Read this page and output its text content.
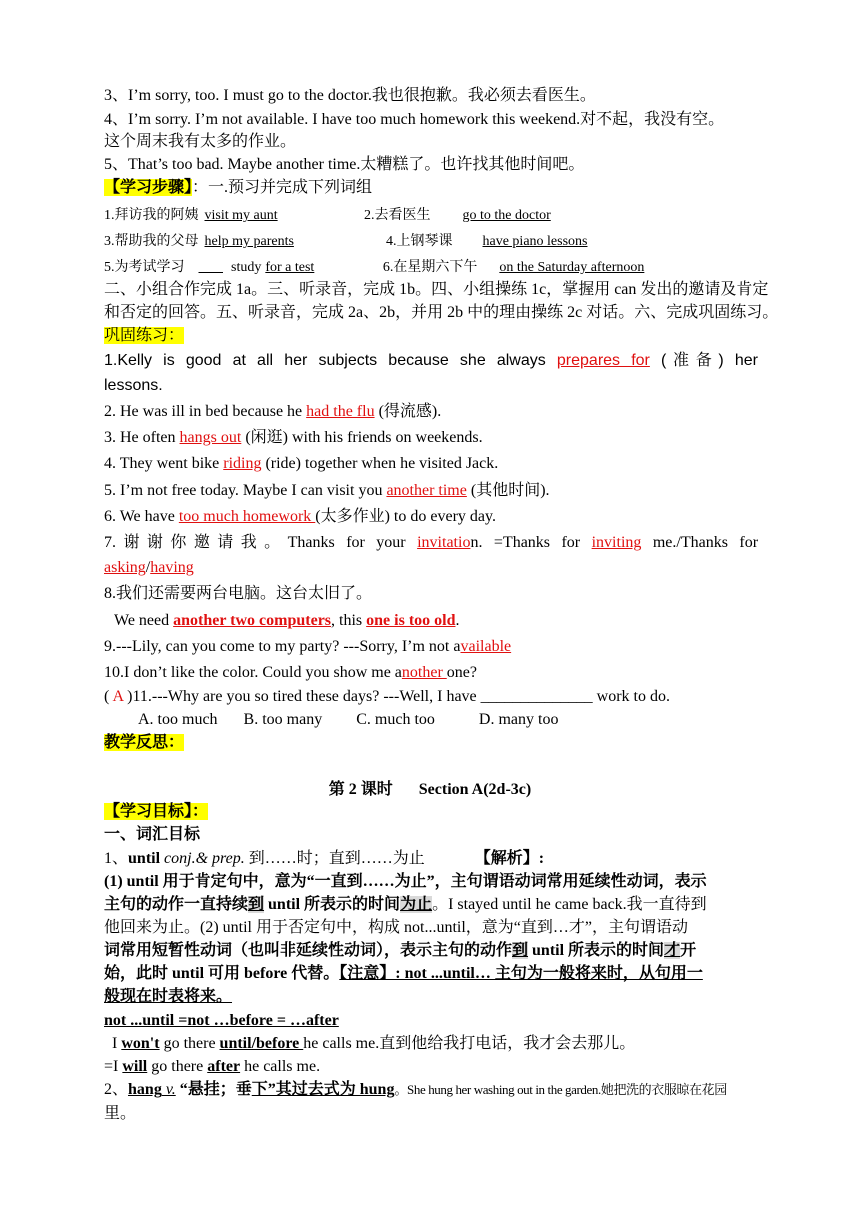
3、I’m sorry, too. I must go to the doctor.我也很抱歉。我必须去看医生。
4、I’m sorry. I’m not available. I have too much homework this weekend.对不起，我没有空。
这个周末我有太多的作业。
5、That’s too bad. Maybe another time.太糟糕了。也许找其他时间吧。
【学习步骤】：一.预习并完成下列词组
1.拜访我的阿姨 visit my aunt	2.去看医生 go to the doctor
3.帮助我的父母 help my parents	4.上钢琴课 have piano lessons
5.为考试学习	study for a test	6.在星期六下午 on the Saturday afternoon
二、小组合作完成 1a。三、听录音，完成 1b。四、小组操练 1c，掌握用 can 发出的邀请及肯定
和否定的回答。五、听录音，完成 2a、2b，并用 2b 中的理由操练 2c 对话。六、完成巩固练习。
巩固练习：
1.Kelly is good at all her subjects because she always prepares for (准备) her
lessons.
2. He was ill in bed because he had the flu (得流感).
3. He often hangs out (闲逛) with his friends on weekends.
4. They went bike riding (ride) together when he visited Jack.
5. I’m not free today. Maybe I can visit you another time (其他时间).
6. We have too much homework (太多作业) to do every day.
7.谢谢你邀请我。Thanks for your invitation. =Thanks for inviting me./Thanks for
asking/having
8.我们还需要两台电脑。这台太旧了。
We need another two computers, this one is too old.
9.---Lily, can you come to my party? ---Sorry, I’m not available
10.I don’t like the color. Could you show me another one?
( A )11.---Why are you so tired these days? ---Well, I have ______________ work to do.
A. too much B. too many C. much too	D. many too
教学反思：
第 2 课时 Section A(2d-3c)
【学习目标】：
一、词汇目标
1、until conj.& prep. 到……时；直到……为止	【解析】:
(1) until 用于肯定句中，意为“一直到……为止”，主句谓语动词常用延续性动词，表示
主句的动作一直持续到 until 所表示的时间为止。I stayed until he came back.我一直待到
他回来为止。(2) until 用于否定句中，构成 not...until，意为“直到…才”，主句谓语动
词常用短暂性动词（也叫非延续性动词），表示主句的动作到 until 所表示的时间才开
始，此时 until 可用 before 代替。【注意】: not ...until… 主句为一般将来时，从句用一
般现在时表将来。
not ...until =not …before = …after
I won't go there until/before he calls me.直到他给我打电话，我才会去那儿。
=I will go there after he calls me.
2、hang v. “悬挂；垂下”其过去式为 hung。She hung her washing out in the garden.她把洗的衣服晾在花园
里。
